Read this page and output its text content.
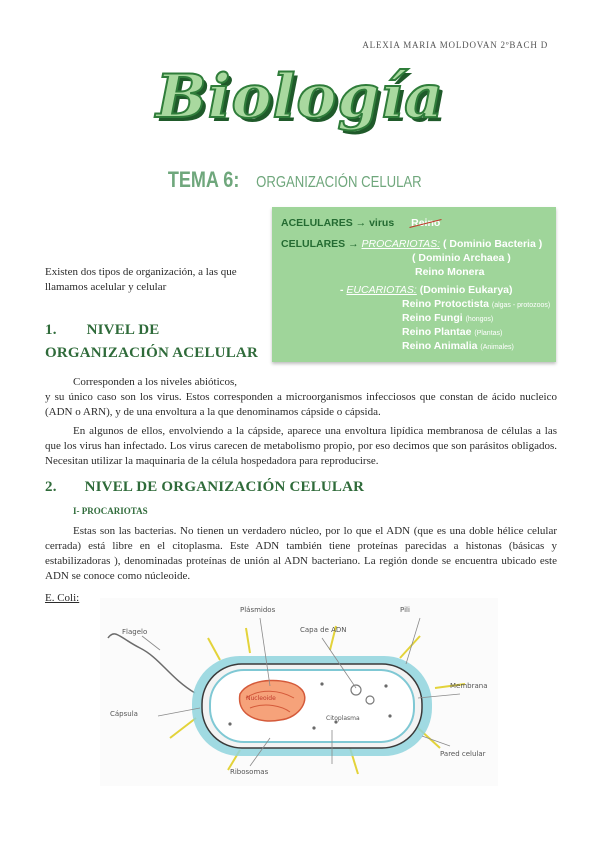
ALEXIA MARIA MOLDOVAN 2ºBACH D
Biología
TEMA 6: ORGANIZACIÓN CELULAR
ACELULARES → virus Reino
CELULARES → PROCARIOTAS: ( Dominio Bacteria )
( Dominio Archaea )
Reino Monera
- EUCARIOTAS: (Dominio Eukarya)
Reino Protoctista (algas - protozoos)
Reino Fungi (hongos)
Reino Plantae (Plantas)
Reino Animalia (Animales)

Existen dos tipos de organización, a las que llamamos acelular y celular

1. NIVEL DE
ORGANIZACIÓN ACELULAR
Corresponden a los niveles abióticos,
y su único caso son los virus. Estos corresponden a microorganismos infecciosos que constan de ácido nucleico (ADN o ARN), y de una envoltura a la que denominamos cápside o cápsida.

En algunos de ellos, envolviendo a la cápside, aparece una envoltura lipídica membranosa de células a las que los virus han infectado. Los virus carecen de metabolismo propio, por eso decimos que son parásitos obligados. Necesitan utilizar la maquinaria de la célula hospedadora para reproducirse.

2. NIVEL DE ORGANIZACIÓN CELULAR
I- PROCARIOTAS

Estas son las bacterias. No tienen un verdadero núcleo, por lo que el ADN (que es una doble hélice celular cerrada) está libre en el citoplasma. Este ADN también tiene proteínas parecidas a histonas (básicas y estabilizadoras ), denominadas proteínas de unión al ADN bacteriano. La región donde se encuentra ubicado este ADN se conoce como núcleoide.

E. Coli:
Flagelo
Plásmidos
Capa de ADN
Nucleoide
Citoplasma
Ribosomas
Pili
Membrana
Pared celular
Cápsula
